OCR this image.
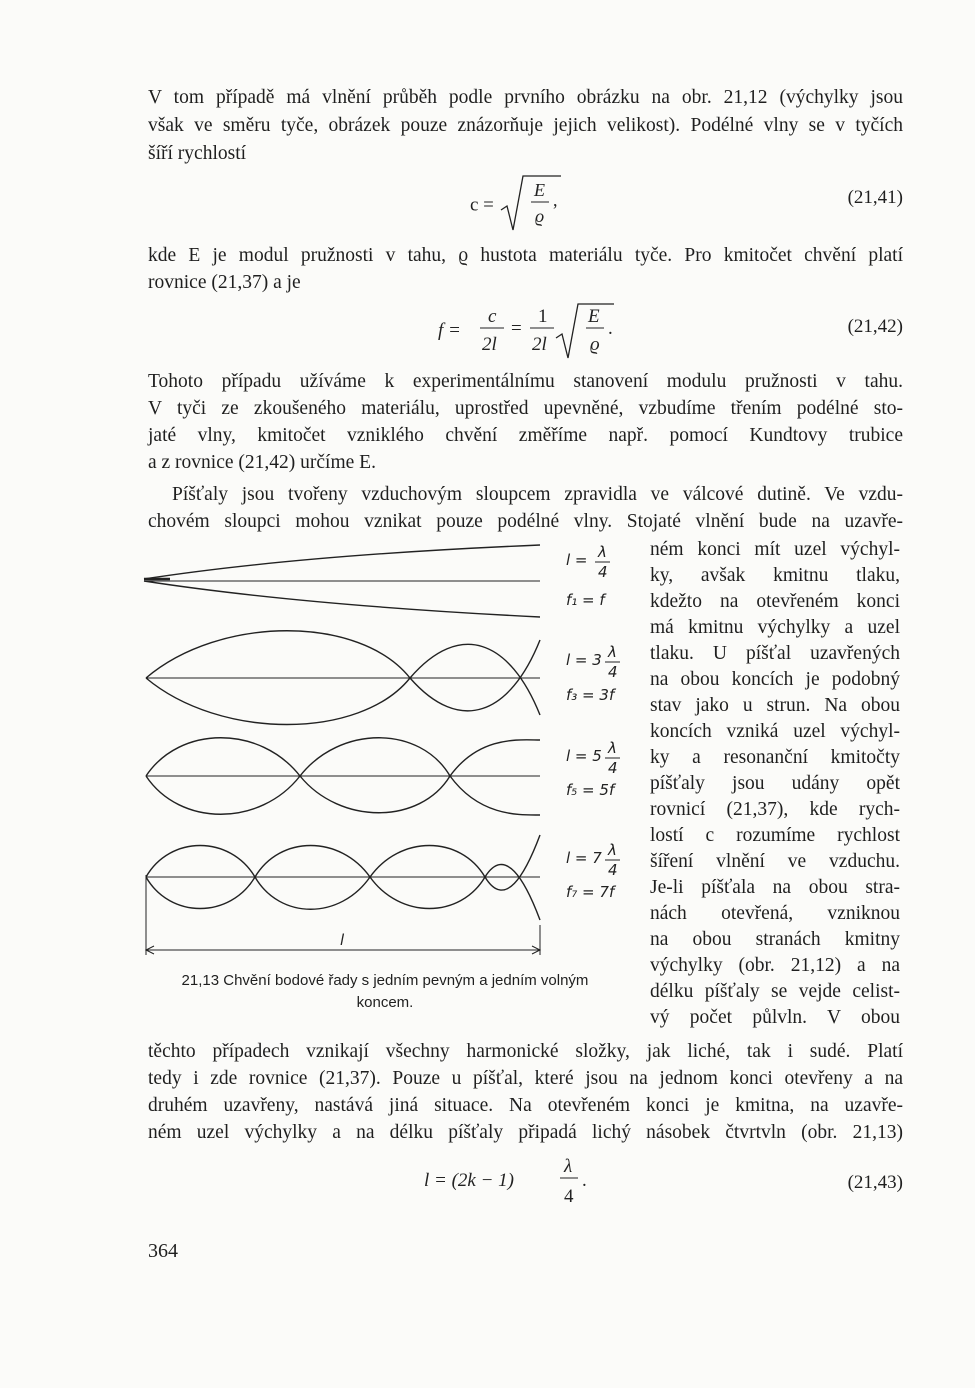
V tom případě má vlnění průběh podle prvního obrázku na obr. 21,12 (výchylky jsou
však ve směru tyče, obrázek pouze znázorňuje jejich velikost). Podélné vlny se v tyčích
šíří rychlostí
c =
E
ϱ
,	(21,41)
kde E je modul pružnosti v tahu, ϱ hustota materiálu tyče. Pro kmitočet chvění platí
rovnice (21,37) a je
f =
c
2l
=
1
2l
E
ϱ
.	(21,42)
Tohoto případu užíváme k experimentálnímu stanovení modulu pružnosti v tahu.
V tyči ze zkoušeného materiálu, uprostřed upevněné, vzbudíme třením podélné sto-
jaté vlny, kmitočet vzniklého chvění změříme např. pomocí Kundtovy trubice
a z rovnice (21,42) určíme E.
Píšťaly jsou tvořeny vzduchovým sloupcem zpravidla ve válcové dutině. Ve vzdu-
chovém sloupci mohou vznikat pouze podélné vlny. Stojaté vlnění bude na uzavře-
ném konci mít uzel výchyl-
ky, avšak kmitnu tlaku,
kdežto na otevřeném konci
má kmitnu výchylky a uzel
tlaku. U píšťal uzavřených
na obou koncích je podobný
stav jako u strun. Na obou
koncích vzniká uzel výchyl-
ky a resonanční kmitočty
píšťaly jsou udány opět
rovnicí (21,37), kde rych-
lostí c rozumíme rychlost
šíření vlnění ve vzduchu.
Je-li píšťala na obou stra-
nách otevřená, vzniknou
na obou stranách kmitny
výchylky (obr. 21,12) a na
délku píšťaly se vejde celist-
vý počet půlvln. V obou
těchto případech vznikají všechny harmonické složky, jak liché, tak i sudé. Platí
tedy i zde rovnice (21,37). Pouze u píšťal, které jsou na jednom konci otevřeny a na
druhém uzavřeny, nastává jiná situace. Na otevřeném konci je kmitna, na uzavře-
ném uzel výchylky a na délku píšťaly připadá lichý násobek čtvrtvln (obr. 21,13)
l = (2k − 1)
λ
4
.	(21,43)
l
l = λ
4
f₁ = f
l = 3 λ
4
f₃ = 3f
l = 5 λ
4
f₅ = 5f
l = 7 λ
4
f₇ = 7f
21,13 Chvění bodové řady s jedním pevným a jedním volným
koncem.
364
